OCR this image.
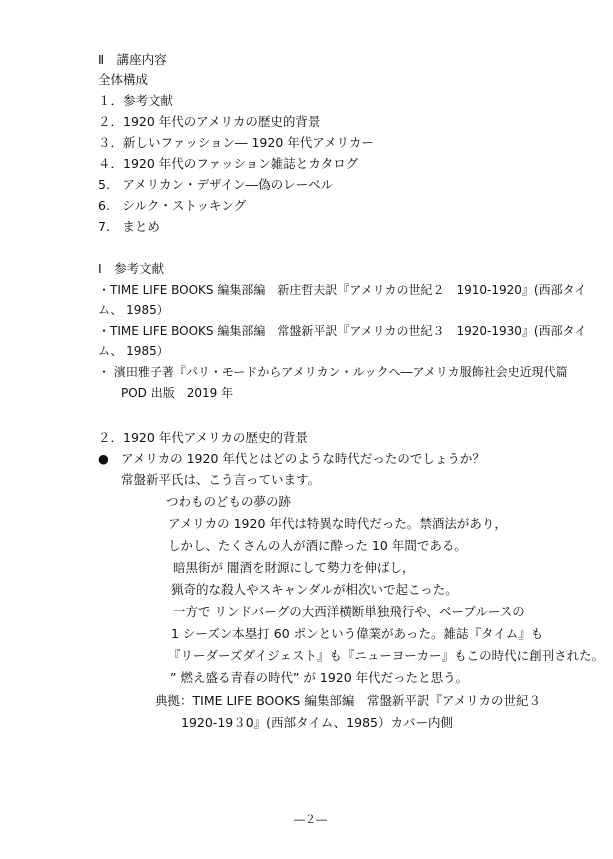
Ⅱ　講座内容
全体構成
１．参考文献
２．1920 年代のアメリカの歴史的背景
３．新しいファッション― 1920 年代アメリカー
４．1920 年代のファッション雑誌とカタログ
5.　アメリカン・デザイン―偽のレーベル
6.　シルク・ストッキング
7.　まとめ
Ⅰ　参考文献
・TIME LIFE BOOKS 編集部編　新庄哲夫訳『アメリカの世紀２　1910-1920』(西部タイ
ム、 1985）
・TIME LIFE BOOKS 編集部編　常盤新平訳『アメリカの世紀３　1920-1930』(西部タイ
ム、 1985）
・ 濱田雅子著『パリ・モードからアメリカン・ルックへ―アメリカ服飾社会史近現代篇
POD 出版　2019 年
２．1920 年代アメリカの歴史的背景
● アメリカの 1920 年代とはどのような時代だったのでしょうか？
常盤新平氏は、こう言っています。
つわものどもの夢の跡
アメリカの 1920 年代は特異な時代だった。禁酒法があり，
しかし、たくさんの人が酒に酔った 10 年間である。
暗黒街が 闇酒を財源にして勢力を伸ばし，
猟奇的な殺人やスキャンダルが相次いで起こった。
一方で リンドバーグの大西洋横断単独飛行や、ベーブルースの
1 シーズン本塁打 60 ポンという偉業があった。雑誌『タイム』も
『リーダーズダイジェスト』も『ニューヨーカー』もこの時代に創刊された。
” 燃え盛る青春の時代” が 1920 年代だったと思う。
典拠：TIME LIFE BOOKS 編集部編　常盤新平訳『アメリカの世紀３
1920-19３0』(西部タイム、1985）カバー内側
―２―
